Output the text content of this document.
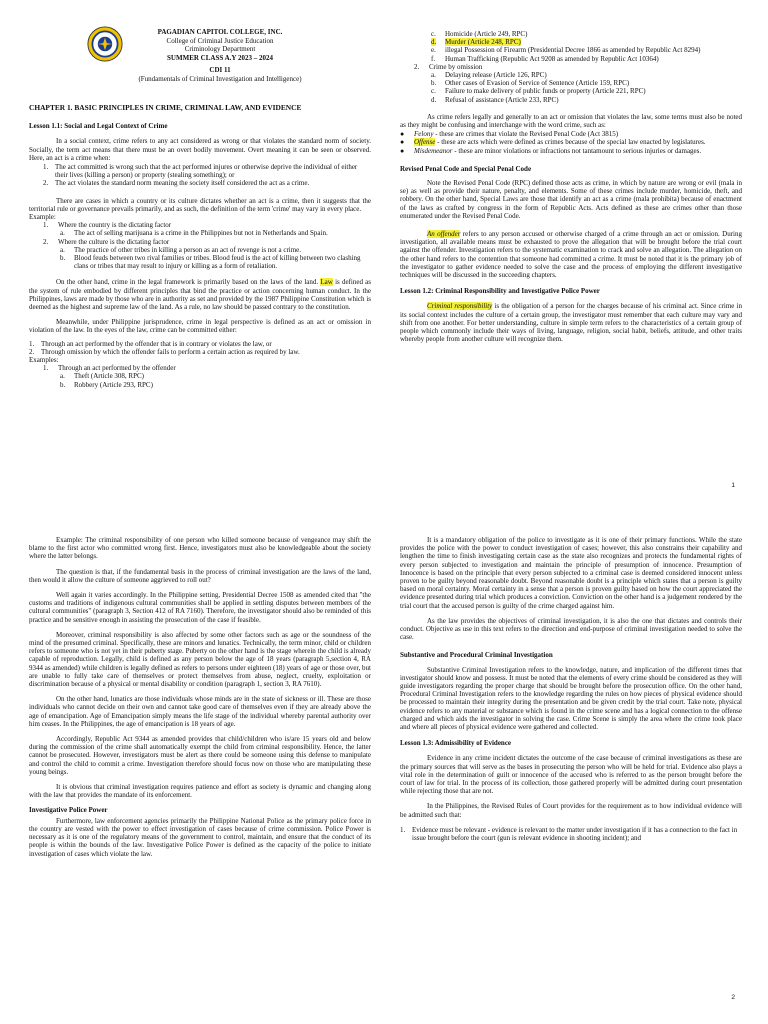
PAGADIAN CAPITOL COLLEGE, INC.
College of Criminal Justice Education
Criminology Department
SUMMER CLASS A.Y 2023 – 2024
CDI 11
(Fundamentals of Criminal Investigation and Intelligence)
CHAPTER 1. BASIC PRINCIPLES IN CRIME, CRIMINAL LAW, AND EVIDENCE
Lesson 1.1: Social and Legal Context of Crime

In a social context, crime refers to any act considered as wrong or that violates the standard norm of society. Socially, the term act means that there must be an overt bodily movement. Overt meaning it can be seen or observed. Here, an act is a crime when:

1. The act committed is wrong such that the act performed injures or otherwise deprive the individual of either their lives (killing a person) or property (stealing something); or
2. The act violates the standard norm meaning the society itself considered the act as a crime.

There are cases in which a country or its culture dictates whether an act is a crime, then it suggests that the territorial rule or governance prevails primarily, and as such, the definition of the term 'crime' may vary in every place.

Example:
1. Where the country is the dictating factor
a. The act of selling marijuana is a crime in the Philippines but not in Netherlands and Spain.
2. Where the culture is the dictating factor
a. The practice of other tribes in killing a person as an act of revenge is not a crime.
b. Blood feuds between two rival families or tribes. Blood feud is the act of killing between two clashing clans or tribes that may result to injury or killing as a form of retaliation.

On the other hand, crime in the legal framework is primarily based on the laws of the land. Law is defined as the system of rule embodied by different principles that bind the practice or action concerning human conduct. In the Philippines, laws are made by those who are in authority as set and provided by the 1987 Philippine Constitution which is deemed as the highest and supreme law of the land. As a rule, no law should be passed contrary to the constitution.

Meanwhile, under Philippine jurisprudence, crime in legal perspective is defined as an act or omission in violation of the law. In the eyes of the law, crime can be committed either:

1. Through an act performed by the offender that is in contrary or violates the law, or
2. Through omission by which the offender fails to perform a certain action as required by law.
Examples:
1. Through an act performed by the offender
a. Theft (Article 308, RPC)
b. Robbery (Article 293, RPC)
c. Homicide (Article 249, RPC)
d. Murder (Article 248, RPC)
e. illegal Possession of Firearm (Presidential Decree 1866 as amended by Republic Act 8294)
f. Human Trafficking (Republic Act 9208 as amended by Republic Act 10364)
2. Crime by omission
a. Delaying release (Article 126, RPC)
b. Other cases of Evasion of Service of Sentence (Article 159, RPC)
c. Failure to make delivery of public funds or property (Article 221, RPC)
d. Refusal of assistance (Article 233, RPC)

As crime refers legally and generally to an act or omission that violates the law, some terms must also be noted as they might be confusing and interchange with the word crime, such as:

● Felony - these are crimes that violate the Revised Penal Code (Act 3815)
● Offense - these are acts which were defined as crimes because of the special law enacted by legislatures.
● Misdemeanor - these are minor violations or infractions not tantamount to serious injuries or damages.
Revised Penal Code and Special Penal Code

Note the Revised Penal Code (RPC) defined those acts as crime, in which by nature are wrong or evil (mala in se) as well as provide their nature, penalty, and elements. Some of these crimes include murder, homicide, theft, and robbery. On the other hand, Special Laws are those that identify an act as a crime (mala prohibita) because of enactment of the laws as crafted by congress in the form of Republic Acts. Acts defined as these are crimes other than those enumerated under the Revised Penal Code.

An offender refers to any person accused or otherwise charged of a crime through an act or omission. During investigation, all available means must be exhausted to prove the allegation that will be brought before the trial court against the offender. Investigation refers to the systematic examination to crack and solve an allegation. The allegation on the other hand refers to the contention that someone had committed a crime. It must be noted that it is the primary job of the investigator to gather evidence needed to solve the case and the process of employing the different investigative techniques will be discussed in the succeeding chapters.

Lesson 1.2: Criminal Responsibility and Investigative Police Power

Criminal responsibility is the obligation of a person for the charges because of his criminal act. Since crime in its social context includes the culture of a certain group, the investigator must remember that each culture may vary and shift from one another. For better understanding, culture in simple term refers to the characteristics of a certain group of people which commonly include their ways of living, language, religion, social habit, beliefs, attitude, and other traits whereby people from another culture will recognize them.

1

Example: The criminal responsibility of one person who killed someone because of vengeance may shift the blame to the first actor who committed wrong first. Hence, investigators must also be knowledgeable about the society where the latter belongs.

The question is that, if the fundamental basis in the process of criminal investigation are the laws of the land, then would it allow the culture of someone aggrieved to roll out?

Well again it varies accordingly. In the Philippine setting, Presidential Decree 1508 as amended cited that "the customs and traditions of indigenous cultural communities shall be applied in settling disputes between members of the cultural communities" (paragraph 3, Section 412 of RA 7160). Therefore, the investigator should also be reminded of this practice and be sensitive enough in assisting the prosecution of the case if feasible.

Moreover, criminal responsibility is also affected by some other factors such as age or the soundness of the mind of the presumed criminal. Specifically, these are minors and lunatics. Technically, the term minor, child or children refers to someone who is not yet in their puberty stage. Puberty on the other hand is the stage wherein the child is already capable of reproduction. Legally, child is defined as any person below the age of 18 years (paragraph 5,section 4, RA 9344 as amended) while children is legally defined as refers to persons under eighteen (18) years of age or those over, but are unable to fully take care of themselves or protect themselves from abuse, neglect, cruelty, exploitation or discrimination because of a physical or mental disability or condition (paragraph 1, section 3, RA 7610).

On the other hand, lunatics are those individuals whose minds are in the state of sickness or ill. These are those individuals who cannot decide on their own and cannot take good care of themselves even if they are already above the age of emancipation. Age of Emancipation simply means the life stage of the individual whereby parental authority over him ceases. In the Philippines, the age of emancipation is 18 years of age.

Accordingly, Republic Act 9344 as amended provides that child/children who is/are 15 years old and below during the commission of the crime shall automatically exempt the child from criminal responsibility. Hence, the latter cannot be prosecuted. However, investigators must be alert as there could be someone using this defense to manipulate and control the child to commit a crime. Investigation therefore should focus now on those who are manipulating these young beings.

It is obvious that criminal investigation requires patience and effort as society is dynamic and changing along with the law that provides the mandate of its enforcement.

Investigative Police Power

Furthermore, law enforcement agencies primarily the Philippine National Police as the primary police force in the country are vested with the power to effect investigation of cases because of crime commission. Police Power is necessary as it is one of the regulatory means of the government to control, maintain, and ensure that the conduct of its people is within the bounds of the law. Investigative Police Power is defined as the capacity of the police to initiate investigation of cases which violate the law.

It is a mandatory obligation of the police to investigate as it is one of their primary functions. While the state provides the police with the power to conduct investigation of cases; however, this also constrains their capability and lengthen the time to finish investigating certain case as the state also recognizes and protects the fundamental rights of every person subjected to investigation and maintain the principle of presumption of innocence. Presumption of Innocence is based on the principle that every person subjected to a criminal case is deemed considered innocent unless proven to be guilty beyond reasonable doubt. Beyond reasonable doubt is a principle which states that a person is guilty based on moral certainty. Moral certainty in a sense that a person is proven guilty based on how the court appreciated the evidence presented during trial which produces a conviction. Conviction on the other hand is a judgement rendered by the trial court that the accused person is guilty of the crime charged against him.

As the law provides the objectives of criminal investigation, it is also the one that dictates and controls their conduct. Objective as use in this text refers to the direction and end-purpose of criminal investigation needed to solve the case.

Substantive and Procedural Criminal Investigation

Substantive Criminal Investigation refers to the knowledge, nature, and implication of the different times that investigator should know and possess. It must be noted that the elements of every crime should be considered as they will guide investigators regarding the proper charge that should be brought before the prosecution office. On the other hand, Procedural Criminal Investigation refers to the knowledge regarding the rules on how pieces of physical evidence should be processed to maintain their integrity during the presentation and be given credit by the trial court. Take note, physical evidence refers to any material or substance which is found in the crime scene and has a logical connection to the offense charged and which aids the investigator in solving the case. Crime Scene is simply the area where the crime took place and where all pieces of physical evidence were gathered and collected.

Lesson 1.3: Admissibility of Evidence

Evidence in any crime incident dictates the outcome of the case because of criminal investigations as these are the primary sources that will serve as the bases in prosecuting the person who will be held for trial. Evidence also plays a vital role in the determination of guilt or innocence of the accused who is referred to as the person brought before the court of law for trial. In the process of its collection, those gathered properly will be admitted during court presentation while rejecting those that are not.

In the Philippines, the Revised Rules of Court provides for the requirement as to how individual evidence will be admitted such that:

1. Evidence must be relevant - evidence is relevant to the matter under investigation if it has a connection to the fact in issue brought before the court (gun is relevant evidence in shooting incident); and
2
